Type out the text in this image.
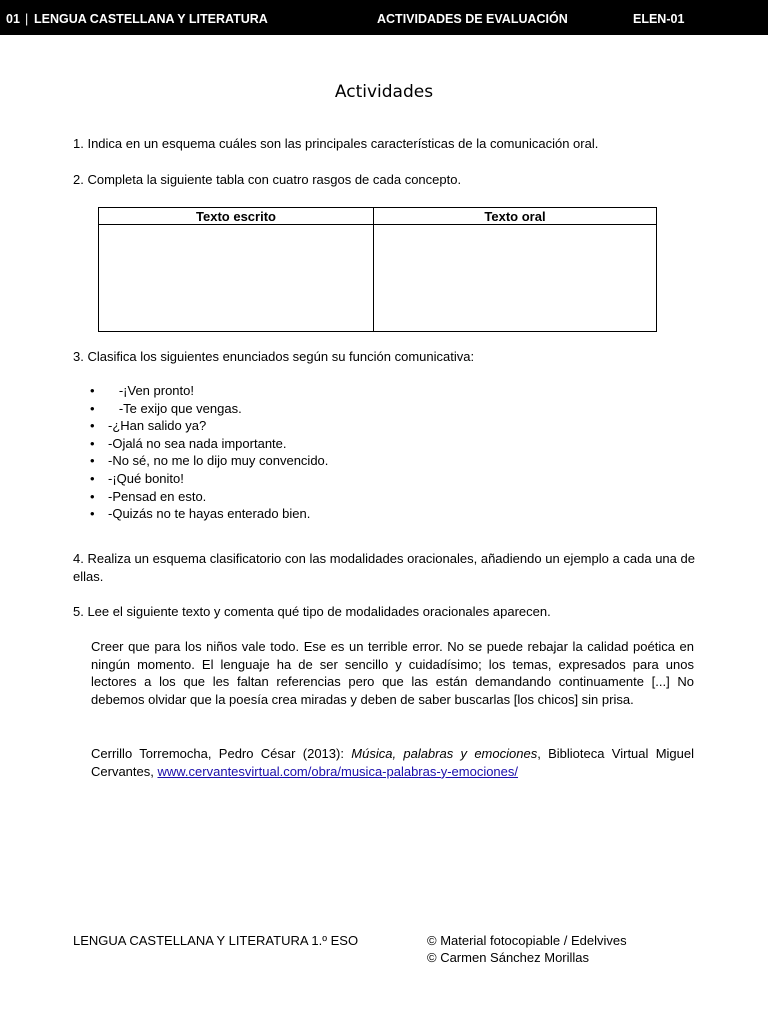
01 | LENGUA CASTELLANA Y LITERATURA	ACTIVIDADES DE EVALUACIÓN	ELEN-01
Actividades
1. Indica en un esquema cuáles son las principales características de la comunicación oral.
2. Completa la siguiente tabla con cuatro rasgos de cada concepto.
Texto escrito	Texto oral

3. Clasifica los siguientes enunciados según su función comunicativa:
• -¡Ven pronto!
• -Te exijo que vengas.
• -¿Han salido ya?
• -Ojalá no sea nada importante.
• -No sé, no me lo dijo muy convencido.
• -¡Qué bonito!
• -Pensad en esto.
• -Quizás no te hayas enterado bien.
4. Realiza un esquema clasificatorio con las modalidades oracionales, añadiendo un ejemplo a cada una de ellas.
5. Lee el siguiente texto y comenta qué tipo de modalidades oracionales aparecen.
Creer que para los niños vale todo. Ese es un terrible error. No se puede rebajar la calidad poética en ningún momento. El lenguaje ha de ser sencillo y cuidadísimo; los temas, expresados para unos lectores a los que les faltan referencias pero que las están demandando continuamente [...] No debemos olvidar que la poesía crea miradas y deben de saber buscarlas [los chicos] sin prisa.
Cerrillo Torremocha, Pedro César (2013): Música, palabras y emociones, Biblioteca Virtual Miguel Cervantes, www.cervantesvirtual.com/obra/musica-palabras-y-emociones/
LENGUA CASTELLANA Y LITERATURA 1.º ESO	© Material fotocopiable / Edelvives
© Carmen Sánchez Morillas
